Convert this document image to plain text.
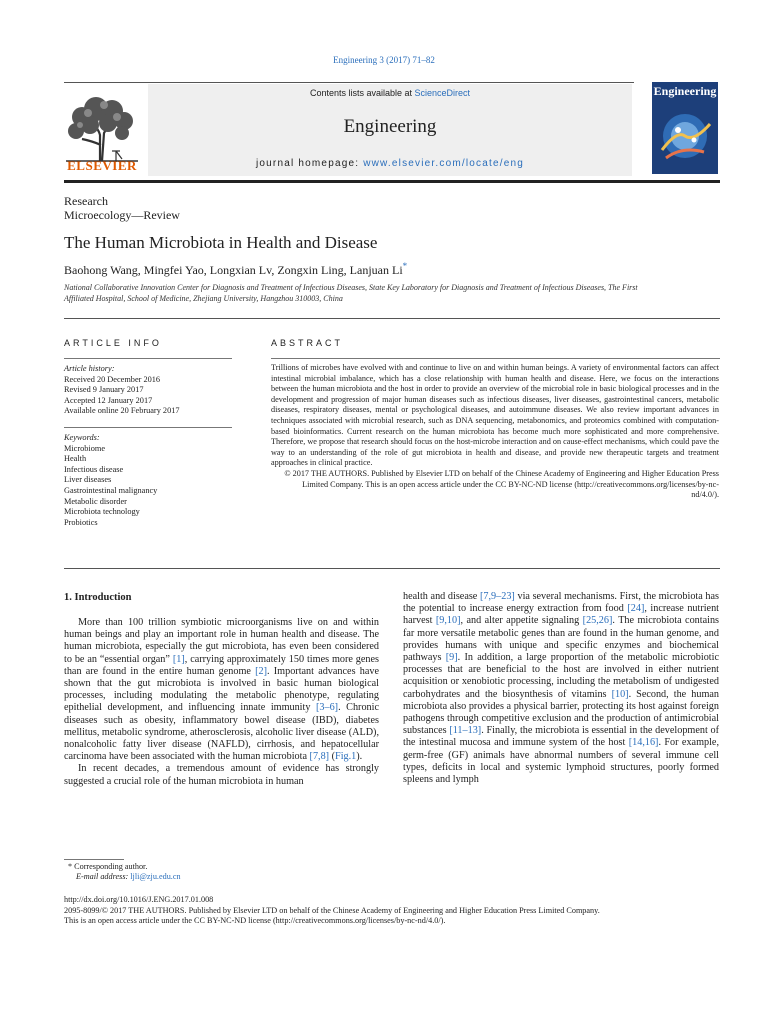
Engineering 3 (2017) 71–82
ELSEVIER
Contents lists available at ScienceDirect
Engineering
journal homepage: www.elsevier.com/locate/eng
Engineering
Research
Microecology—Review
The Human Microbiota in Health and Disease
Baohong Wang, Mingfei Yao, Longxian Lv, Zongxin Ling, Lanjuan Li*
National Collaborative Innovation Center for Diagnosis and Treatment of Infectious Diseases, State Key Laboratory for Diagnosis and Treatment of Infectious Diseases, The First Affiliated Hospital, School of Medicine, Zhejiang University, Hangzhou 310003, China
ARTICLE INFO
Article history:
Received 20 December 2016
Revised 9 January 2017
Accepted 12 January 2017
Available online 20 February 2017
Keywords:
Microbiome
Health
Infectious disease
Liver diseases
Gastrointestinal malignancy
Metabolic disorder
Microbiota technology
Probiotics
ABSTRACT
Trillions of microbes have evolved with and continue to live on and within human beings. A variety of environmental factors can affect intestinal microbial imbalance, which has a close relationship with human health and disease. Here, we focus on the interactions between the human microbiota and the host in order to provide an overview of the microbial role in basic biological processes and in the development and progression of major human diseases such as infectious diseases, liver diseases, gastrointestinal cancers, metabolic diseases, respiratory diseases, mental or psychological diseases, and autoimmune diseases. We also review important advances in techniques associated with microbial research, such as DNA sequencing, metabonomics, and proteomics combined with computation-based bioinformatics. Current research on the human microbiota has become much more sophisticated and more comprehensive. Therefore, we propose that research should focus on the host-microbe interaction and on cause-effect mechanisms, which could pave the way to an understanding of the role of gut microbiota in health and disease, and provide new therapeutic targets and treatment approaches in clinical practice.
© 2017 THE AUTHORS. Published by Elsevier LTD on behalf of the Chinese Academy of Engineering and Higher Education Press Limited Company. This is an open access article under the CC BY-NC-ND license (http://creativecommons.org/licenses/by-nc-nd/4.0/).
1. Introduction
More than 100 trillion symbiotic microorganisms live on and within human beings and play an important role in human health and disease. The human microbiota, especially the gut microbiota, has even been considered to be an “essential organ” [1], carrying approximately 150 times more genes than are found in the entire human genome [2]. Important advances have shown that the gut microbiota is involved in basic human biological processes, including modulating the metabolic phenotype, regulating epithelial development, and influencing innate immunity [3–6]. Chronic diseases such as obesity, inflammatory bowel disease (IBD), diabetes mellitus, metabolic syndrome, atherosclerosis, alcoholic liver disease (ALD), nonalcoholic fatty liver disease (NAFLD), cirrhosis, and hepatocellular carcinoma have been associated with the human microbiota [7,8] (Fig.1).
In recent decades, a tremendous amount of evidence has strongly suggested a crucial role of the human microbiota in human
health and disease [7,9–23] via several mechanisms. First, the microbiota has the potential to increase energy extraction from food [24], increase nutrient harvest [9,10], and alter appetite signaling [25,26]. The microbiota contains far more versatile metabolic genes than are found in the human genome, and provides humans with unique and specific enzymes and biochemical pathways [9]. In addition, a large proportion of the metabolic microbiotic processes that are beneficial to the host are involved in either nutrient acquisition or xenobiotic processing, including the metabolism of undigested carbohydrates and the biosynthesis of vitamins [10]. Second, the human microbiota also provides a physical barrier, protecting its host against foreign pathogens through competitive exclusion and the production of antimicrobial substances [11–13]. Finally, the microbiota is essential in the development of the intestinal mucosa and immune system of the host [14,16]. For example, germ-free (GF) animals have abnormal numbers of several immune cell types, deficits in local and systemic lymphoid structures, poorly formed spleens and lymph
* Corresponding author.
E-mail address: ljli@zju.edu.cn
http://dx.doi.org/10.1016/J.ENG.2017.01.008
2095-8099/© 2017 THE AUTHORS. Published by Elsevier LTD on behalf of the Chinese Academy of Engineering and Higher Education Press Limited Company.
This is an open access article under the CC BY-NC-ND license (http://creativecommons.org/licenses/by-nc-nd/4.0/).
